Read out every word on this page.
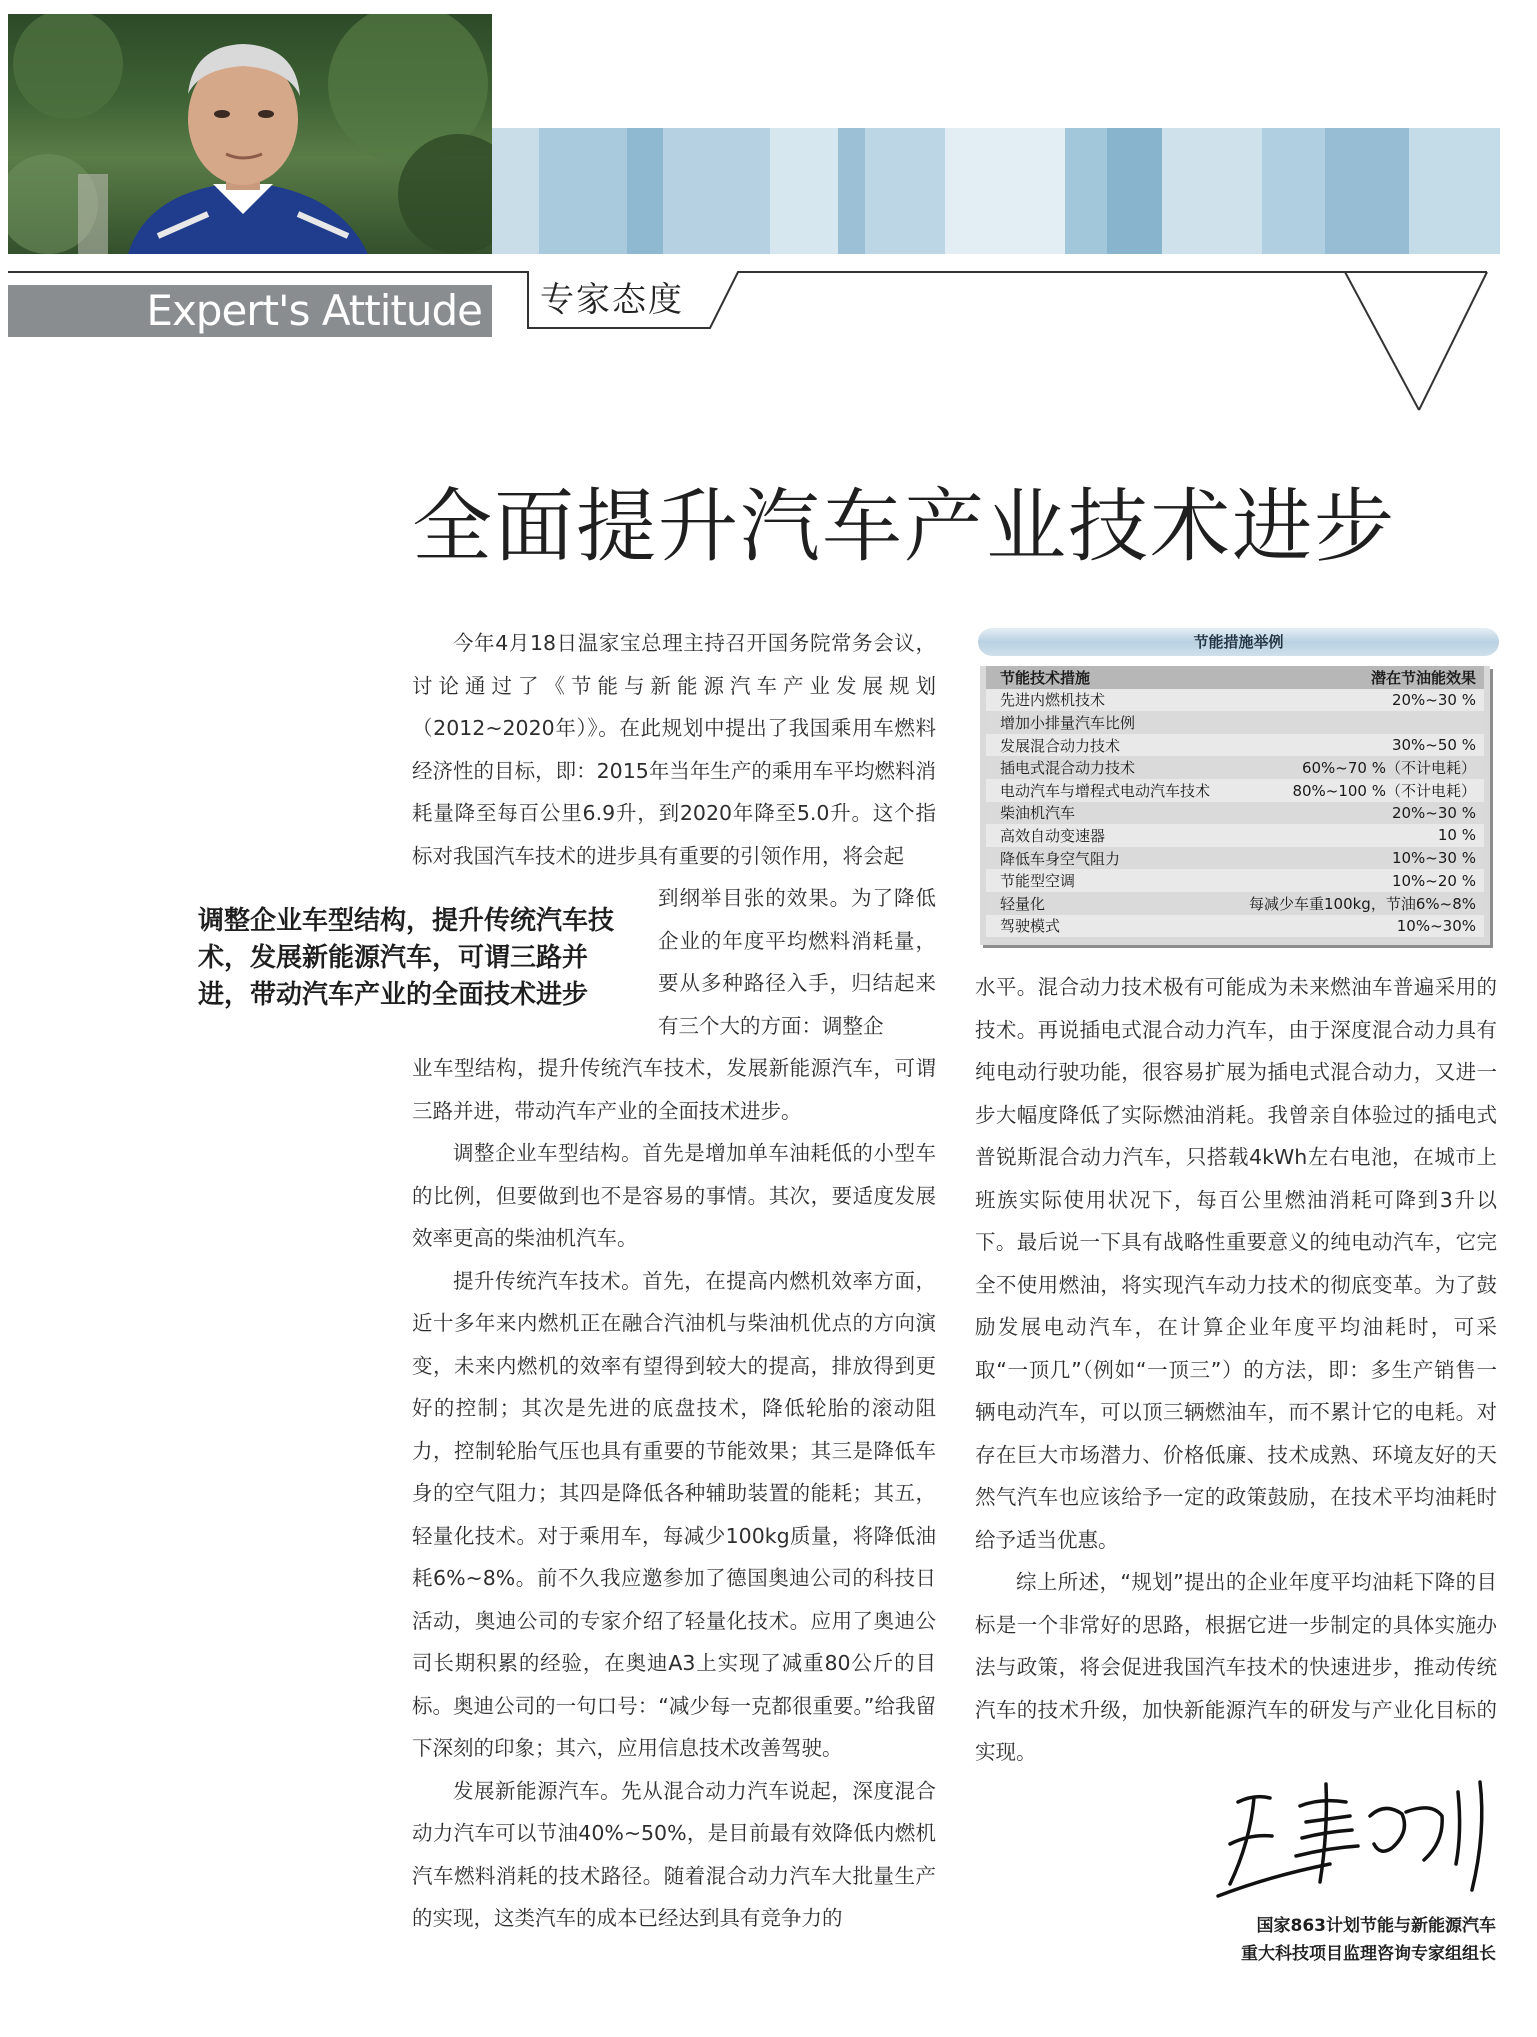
Expert's Attitude 专家态度
全面提升汽车产业技术进步

今年4月18日温家宝总理主持召开国务院常务会议，讨论通过了《节能与新能源汽车产业发展规划（2012~2020年）》。在此规划中提出了我国乘用车燃料经济性的目标，即：2015年当年生产的乘用车平均燃料消耗量降至每百公里6.9升，到2020年降至5.0升。这个指标对我国汽车技术的进步具有重要的引领作用，将会起

到纲举目张的效果。为了降低企业的年度平均燃料消耗量，要从多种路径入手，归结起来有三个大的方面：调整企

业车型结构，提升传统汽车技术，发展新能源汽车，可谓三路并进，带动汽车产业的全面技术进步。

调整企业车型结构。首先是增加单车油耗低的小型车的比例，但要做到也不是容易的事情。其次，要适度发展效率更高的柴油机汽车。

提升传统汽车技术。首先，在提高内燃机效率方面，近十多年来内燃机正在融合汽油机与柴油机优点的方向演变，未来内燃机的效率有望得到较大的提高，排放得到更好的控制；其次是先进的底盘技术，降低轮胎的滚动阻力，控制轮胎气压也具有重要的节能效果；其三是降低车身的空气阻力；其四是降低各种辅助装置的能耗；其五，轻量化技术。对于乘用车，每减少100kg质量，将降低油耗6%~8%。前不久我应邀参加了德国奥迪公司的科技日活动，奥迪公司的专家介绍了轻量化技术。应用了奥迪公司长期积累的经验，在奥迪A3上实现了减重80公斤的目标。奥迪公司的一句口号：“减少每一克都很重要。”给我留下深刻的印象；其六，应用信息技术改善驾驶。

发展新能源汽车。先从混合动力汽车说起，深度混合动力汽车可以节油40%~50%，是目前最有效降低内燃机汽车燃料消耗的技术路径。随着混合动力汽车大批量生产的实现，这类汽车的成本已经达到具有竞争力的

调整企业车型结构，提升传统汽车技术，发展新能源汽车，可谓三路并进，带动汽车产业的全面技术进步
节能措施举例
节能技术措施	潜在节油能效果
先进内燃机技术	20%~30 %
增加小排量汽车比例	
发展混合动力技术	30%~50 %
插电式混合动力技术	60%~70 %（不计电耗）
电动汽车与增程式电动汽车技术	80%~100 %（不计电耗）
柴油机汽车	20%~30 %
高效自动变速器	10 %
降低车身空气阻力	10%~30 %
节能型空调	10%~20 %
轻量化	每减少车重100kg，节油6%~8%
驾驶模式	10%~30%

水平。混合动力技术极有可能成为未来燃油车普遍采用的技术。再说插电式混合动力汽车，由于深度混合动力具有纯电动行驶功能，很容易扩展为插电式混合动力，又进一步大幅度降低了实际燃油消耗。我曾亲自体验过的插电式普锐斯混合动力汽车，只搭载4kWh左右电池，在城市上班族实际使用状况下，每百公里燃油消耗可降到3升以下。最后说一下具有战略性重要意义的纯电动汽车，它完全不使用燃油，将实现汽车动力技术的彻底变革。为了鼓励发展电动汽车，在计算企业年度平均油耗时，可采取“一顶几”（例如“一顶三”）的方法，即：多生产销售一辆电动汽车，可以顶三辆燃油车，而不累计它的电耗。对存在巨大市场潜力、价格低廉、技术成熟、环境友好的天然气汽车也应该给予一定的政策鼓励，在技术平均油耗时给予适当优惠。

综上所述，“规划”提出的企业年度平均油耗下降的目标是一个非常好的思路，根据它进一步制定的具体实施办法与政策，将会促进我国汽车技术的快速进步，推动传统汽车的技术升级，加快新能源汽车的研发与产业化目标的实现。

国家863计划节能与新能源汽车
重大科技项目监理咨询专家组组长
